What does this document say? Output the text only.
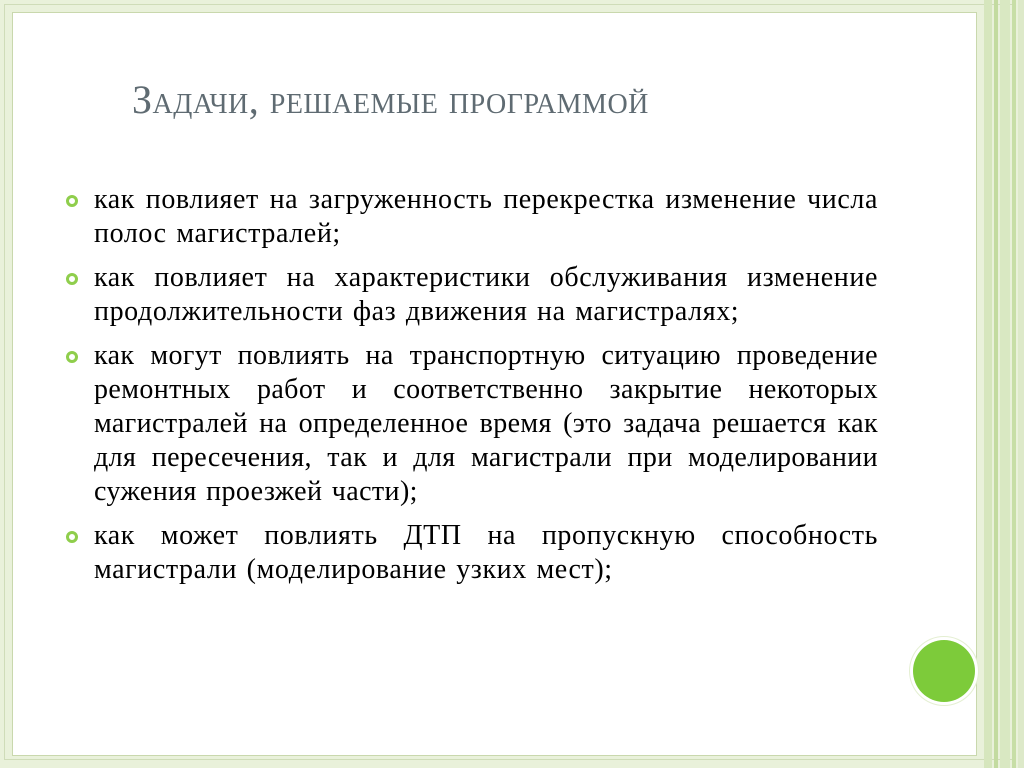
Задачи, решаемые программой
как повлияет на загруженность перекрестка изменение числа полос магистралей;
как повлияет на характеристики обслуживания изменение продолжительности фаз движения на магистралях;
как могут повлиять на транспортную ситуацию проведение ремонтных работ и соответственно закрытие некоторых магистралей на определенное время (это задача решается как для пересечения, так и для магистрали при моделировании сужения проезжей части);
как может повлиять ДТП на пропускную способность магистрали (моделирование узких мест);
